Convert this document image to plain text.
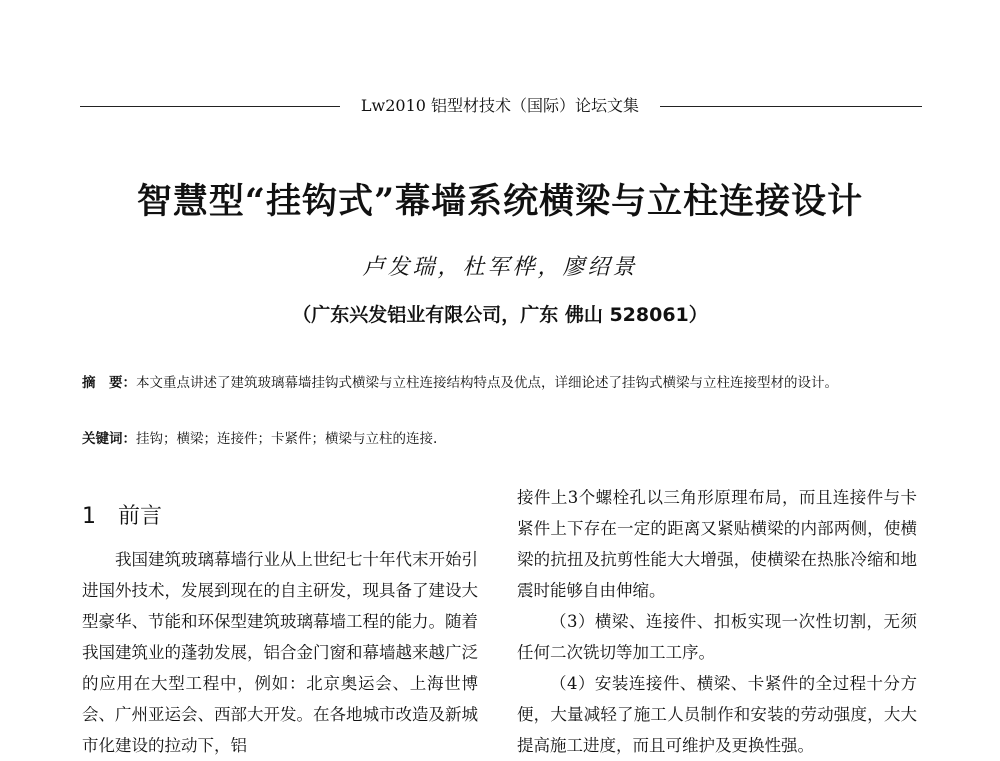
Lw2010 铝型材技术（国际）论坛文集
智慧型“挂钩式”幕墙系统横梁与立柱连接设计
卢发瑞，杜军桦，廖绍景
（广东兴发铝业有限公司，广东 佛山 528061）
摘　要：本文重点讲述了建筑玻璃幕墙挂钩式横梁与立柱连接结构特点及优点，详细论述了挂钩式横梁与立柱连接型材的设计。
关键词：挂钩；横梁；连接件；卡紧件；横梁与立柱的连接.
1 前言

我国建筑玻璃幕墙行业从上世纪七十年代末开始引进国外技术，发展到现在的自主研发，现具备了建设大型豪华、节能和环保型建筑玻璃幕墙工程的能力。随着我国建筑业的蓬勃发展，铝合金门窗和幕墙越来越广泛的应用在大型工程中，例如：北京奥运会、上海世博会、广州亚运会、西部大开发。在各地城市改造及新城市化建设的拉动下，铝

接件上3个螺栓孔以三角形原理布局，而且连接件与卡紧件上下存在一定的距离又紧贴横梁的内部两侧，使横梁的抗扭及抗剪性能大大增强，使横梁在热胀冷缩和地震时能够自由伸缩。

（3）横梁、连接件、扣板实现一次性切割，无须任何二次铣切等加工工序。

（4）安装连接件、横梁、卡紧件的全过程十分方便，大量减轻了施工人员制作和安装的劳动强度，大大提高施工进度，而且可维护及更换性强。
